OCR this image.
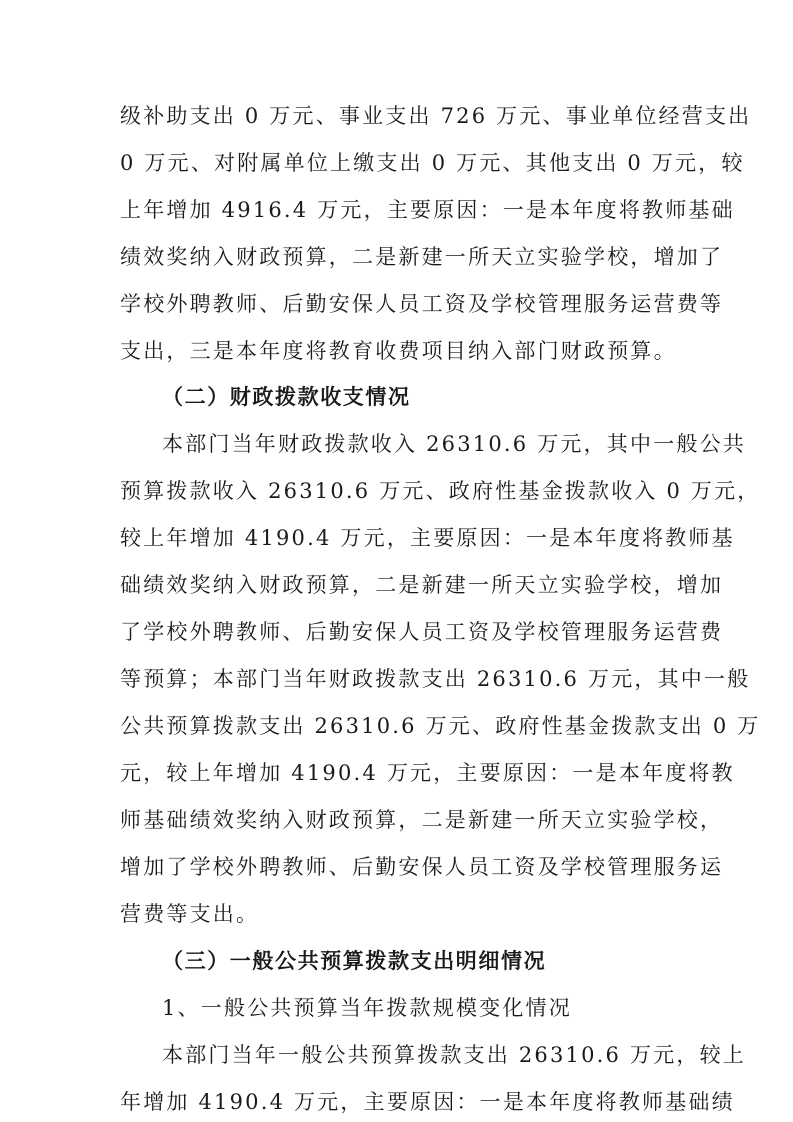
级补助支出 0 万元、事业支出 726 万元、事业单位经营支出
0 万元、对附属单位上缴支出 0 万元、其他支出 0 万元，较
上年增加 4916.4 万元，主要原因：一是本年度将教师基础
绩效奖纳入财政预算，二是新建一所天立实验学校，增加了
学校外聘教师、后勤安保人员工资及学校管理服务运营费等
支出，三是本年度将教育收费项目纳入部门财政预算。
（二）财政拨款收支情况
本部门当年财政拨款收入 26310.6 万元，其中一般公共
预算拨款收入 26310.6 万元、政府性基金拨款收入 0 万元，
较上年增加 4190.4 万元，主要原因：一是本年度将教师基
础绩效奖纳入财政预算，二是新建一所天立实验学校，增加
了学校外聘教师、后勤安保人员工资及学校管理服务运营费
等预算；本部门当年财政拨款支出 26310.6 万元，其中一般
公共预算拨款支出 26310.6 万元、政府性基金拨款支出 0 万
元，较上年增加 4190.4 万元，主要原因：一是本年度将教
师基础绩效奖纳入财政预算，二是新建一所天立实验学校，
增加了学校外聘教师、后勤安保人员工资及学校管理服务运
营费等支出。
（三）一般公共预算拨款支出明细情况
1、一般公共预算当年拨款规模变化情况
本部门当年一般公共预算拨款支出 26310.6 万元，较上
年增加 4190.4 万元，主要原因：一是本年度将教师基础绩
